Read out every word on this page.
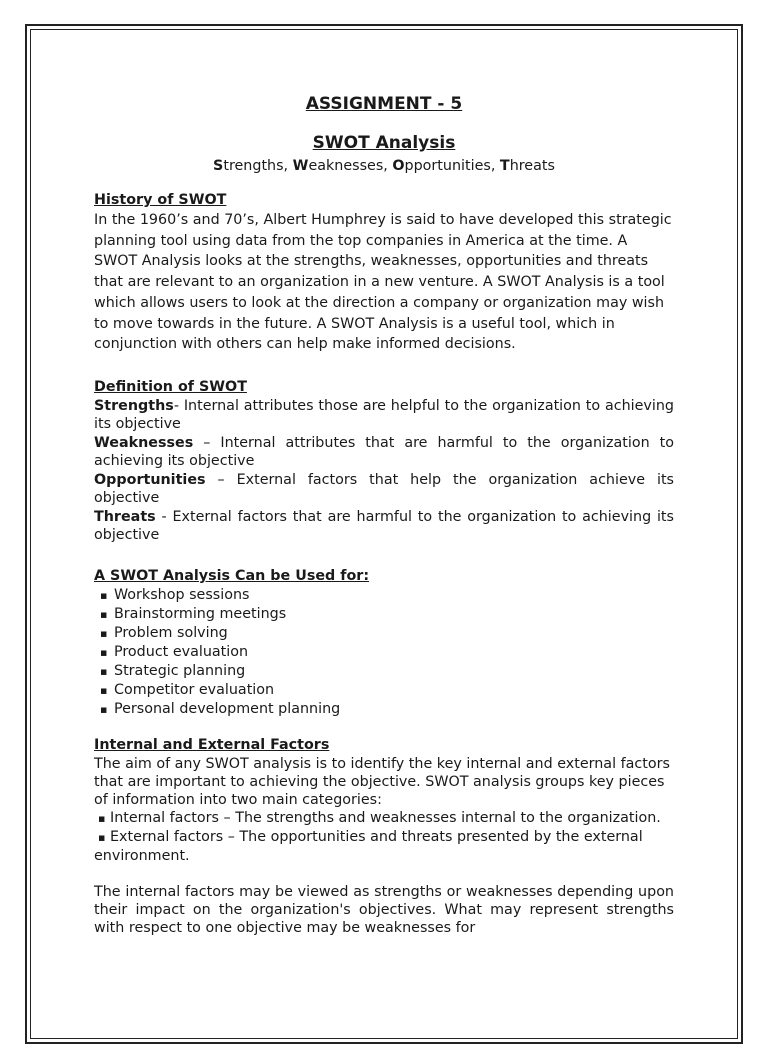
ASSIGNMENT - 5
SWOT Analysis
Strengths, Weaknesses, Opportunities, Threats
History of SWOT

In the 1960’s and 70’s, Albert Humphrey is said to have developed this strategic planning tool using data from the top companies in America at the time. A SWOT Analysis looks at the strengths, weaknesses, opportunities and threats that are relevant to an organization in a new venture. A SWOT Analysis is a tool which allows users to look at the direction a company or organization may wish to move towards in the future. A SWOT Analysis is a useful tool, which in conjunction with others can help make informed decisions.

Definition of SWOT

Strengths- Internal attributes those are helpful to the organization to achieving its objective

Weaknesses – Internal attributes that are harmful to the organization to achieving its objective

Opportunities – External factors that help the organization achieve its objective

Threats - External factors that are harmful to the organization to achieving its objective

A SWOT Analysis Can be Used for:
▪ Workshop sessions
▪ Brainstorming meetings
▪ Problem solving
▪ Product evaluation
▪ Strategic planning
▪ Competitor evaluation
▪ Personal development planning
Internal and External Factors

The aim of any SWOT analysis is to identify the key internal and external factors that are important to achieving the objective. SWOT analysis groups key pieces of information into two main categories:

▪ Internal factors – The strengths and weaknesses internal to the organization.

▪ External factors – The opportunities and threats presented by the external environment.

The internal factors may be viewed as strengths or weaknesses depending upon their impact on the organization's objectives. What may represent strengths with respect to one objective may be weaknesses for
